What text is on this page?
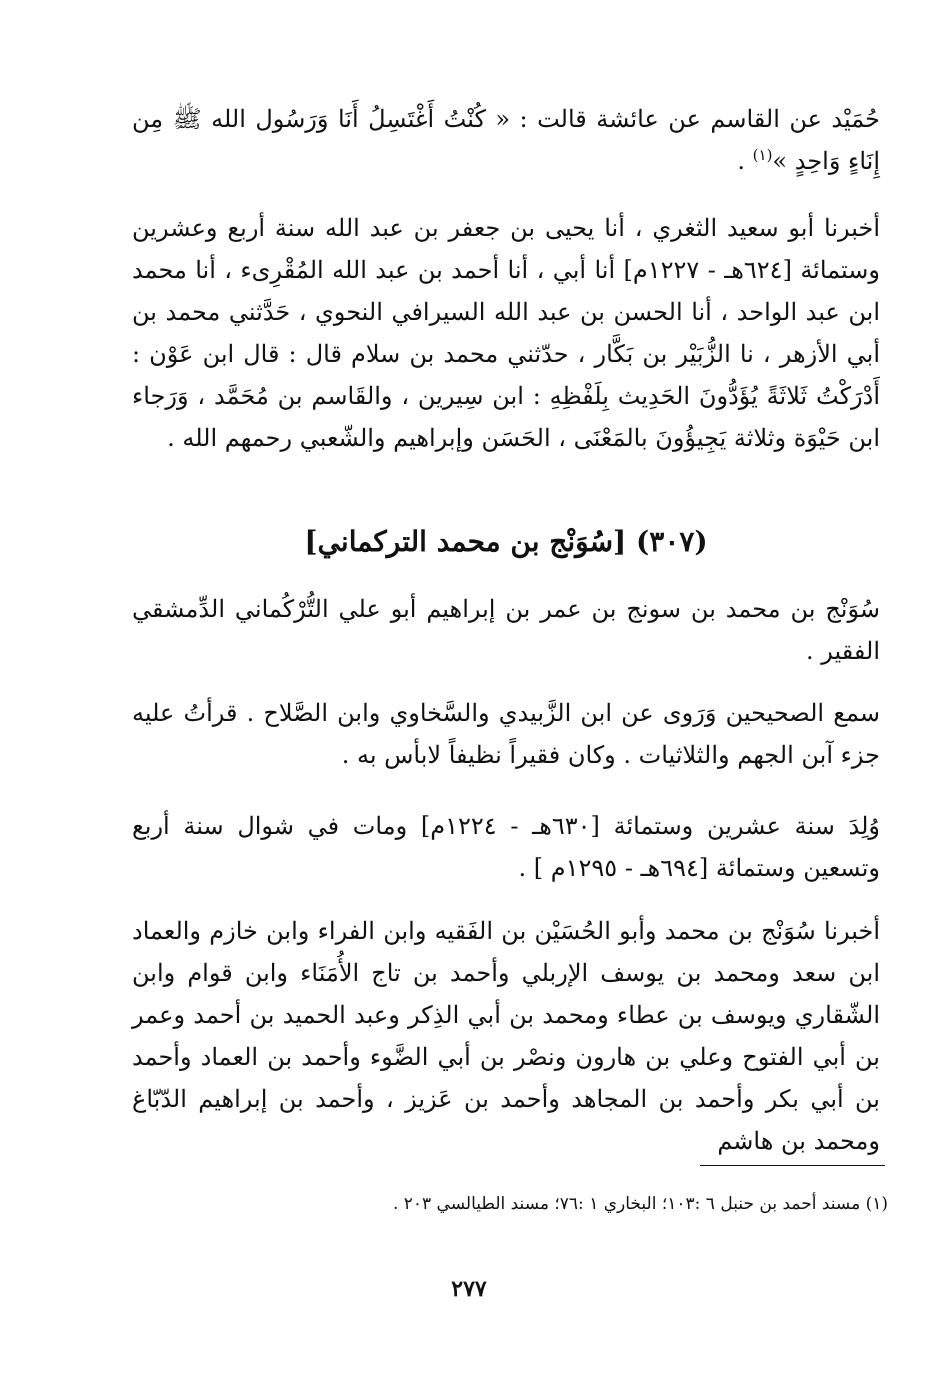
حُمَيْد عن القاسم عن عائشة قالت : « كُنْتُ أَغْتَسِلُ أَنَا وَرَسُول الله ﷺ مِن إِنَاءٍ وَاحِدٍ »$^{(١)}$ .
أخبرنا أبو سعيد الثغري ، أنا يحيى بن جعفر بن عبد الله سنة أربع وعشرين وستمائة [٦٢٤هـ - ١٢٢٧م] أنا أبي ، أنا أحمد بن عبد الله المُقْرِىء ، أنا محمد ابن عبد الواحد ، أنا الحسن بن عبد الله السيرافي النحوي ، حَدَّثني محمد بن أبي الأزهر ، نا الزُّبَيْر بن بَكَّار ، حدّثني محمد بن سلام قال : قال ابن عَوْن : أَدْرَكْتُ ثَلاثَةً يُؤَدُّونَ الحَدِيث بِلَفْظِهِ : ابن سِيرين ، والقَاسم بن مُحَمَّد ، وَرَجاء ابن حَيْوَة وثلاثة يَجِيؤُونَ بالمَعْنَى ، الحَسَن وإبراهيم والشّعبي رحمهم الله .
(٣٠٧) [سُوَنْج بن محمد التركماني]
سُوَنْج بن محمد بن سونج بن عمر بن إبراهيم أبو علي التُّرْكُماني الدِّمشقي الفقير .
سمع الصحيحين وَرَوى عن ابن الزَّبيدي والسَّخاوي وابن الصَّلاح . قرأتُ عليه جزء آبن الجهم والثلاثيات . وكان فقيراً نظيفاً لابأس به .
وُلِدَ سنة عشرين وستمائة [٦٣٠هـ - ١٢٢٤م] ومات في شوال سنة أربع وتسعين وستمائة [٦٩٤هـ - ١٢٩٥م ] .
أخبرنا سُوَنْج بن محمد وأبو الحُسَيْن بن الفَقيه وابن الفراء وابن خازم والعماد ابن سعد ومحمد بن يوسف الإربلي وأحمد بن تاج الأُمَنَاء وابن قوام وابن الشّقاري ويوسف بن عطاء ومحمد بن أبي الذِكر وعبد الحميد بن أحمد وعمر بن أبي الفتوح وعلي بن هارون ونصْر بن أبي الضَّوء وأحمد بن العماد وأحمد بن أبي بكر وأحمد بن المجاهد وأحمد بن عَزيز ، وأحمد بن إبراهيم الدّبّاغ ومحمد بن هاشم
(١) مسند أحمد بن حنبل ٦ :١٠٣؛ البخاري ١ :٧٦؛ مسند الطيالسي ٢٠٣ .
٢٧٧
